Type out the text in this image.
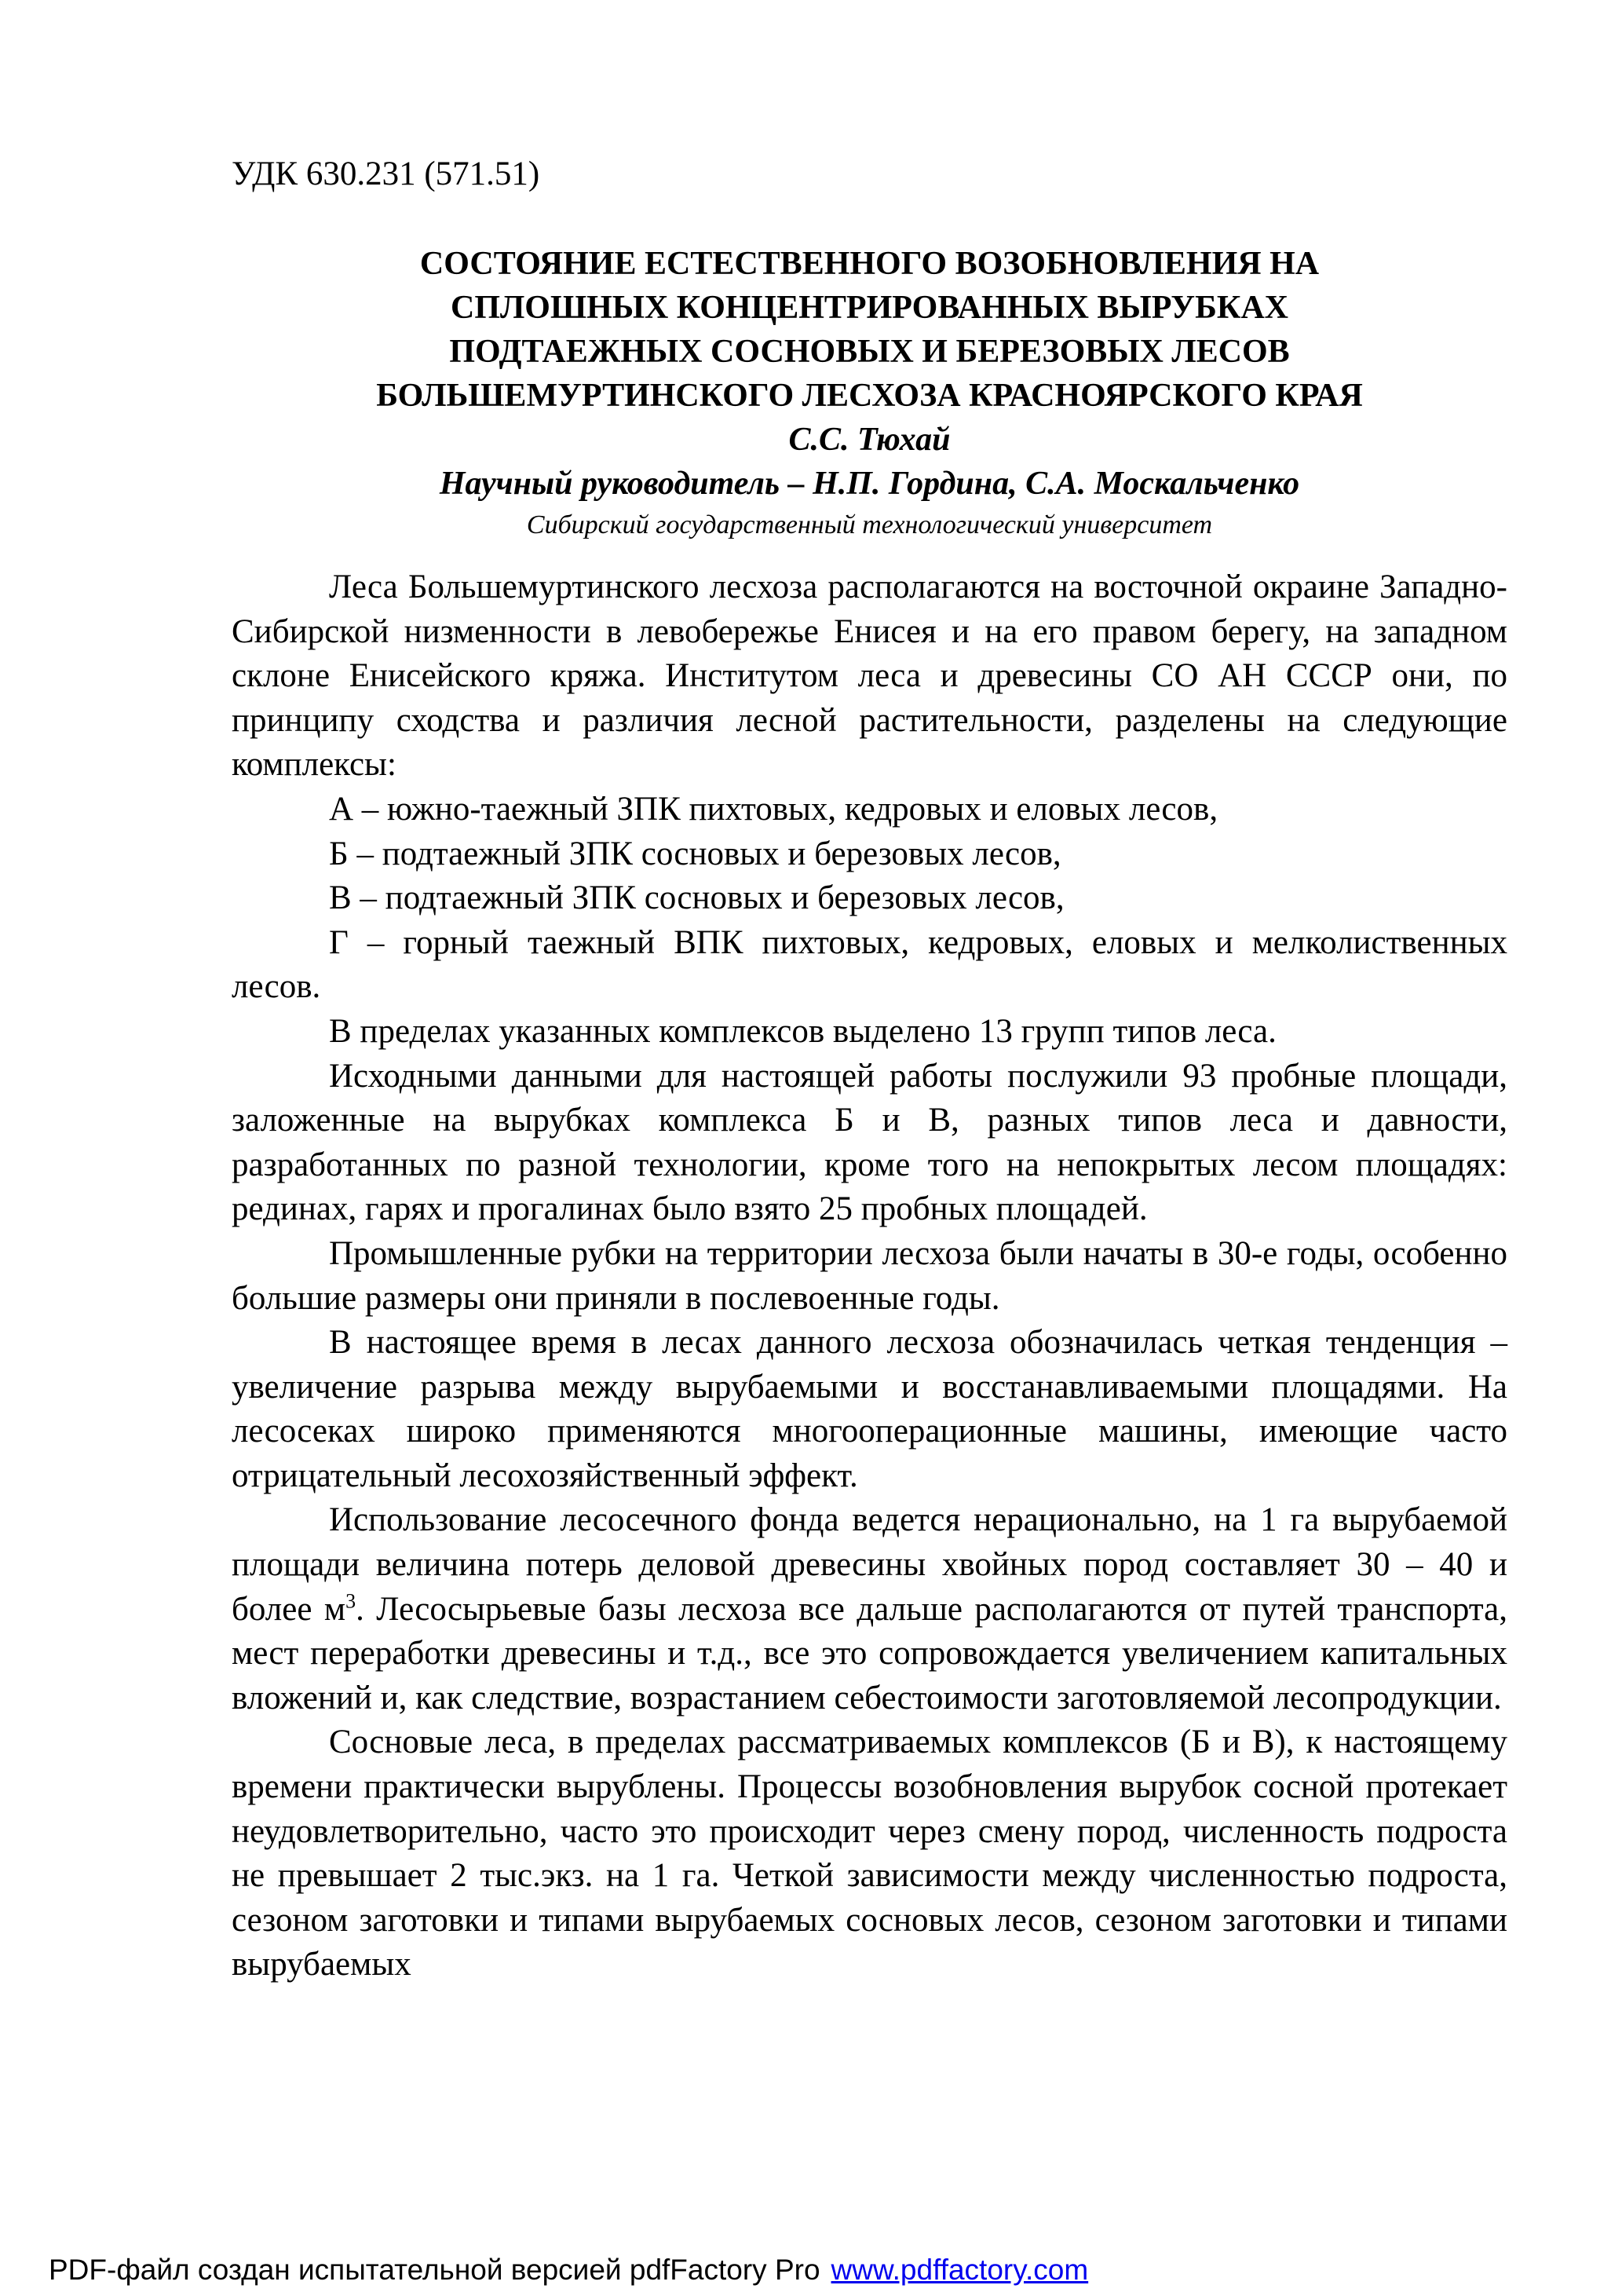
УДК 630.231 (571.51)
СОСТОЯНИЕ ЕСТЕСТВЕННОГО ВОЗОБНОВЛЕНИЯ НА
СПЛОШНЫХ КОНЦЕНТРИРОВАННЫХ ВЫРУБКАХ
ПОДТАЕЖНЫХ СОСНОВЫХ И БЕРЕЗОВЫХ ЛЕСОВ
БОЛЬШЕМУРТИНСКОГО ЛЕСХОЗА КРАСНОЯРСКОГО КРАЯ
С.С. Тюхай
Научный руководитель – Н.П. Гордина, С.А. Москальченко
Сибирский государственный технологический университет

Леса Большемуртинского лесхоза располагаются на восточной окраине Западно-Сибирской низменности в левобережье Енисея и на его правом берегу, на западном склоне Енисейского кряжа. Институтом леса и древесины СО АН СССР они, по принципу сходства и различия лесной растительности, разделены на следующие комплексы:

А – южно-таежный ЗПК пихтовых, кедровых и еловых лесов,

Б – подтаежный ЗПК сосновых и березовых лесов,

В – подтаежный ЗПК сосновых и березовых лесов,

Г – горный таежный ВПК пихтовых, кедровых, еловых и мелколиственных лесов.

В пределах указанных комплексов выделено 13 групп типов леса.

Исходными данными для настоящей работы послужили 93 пробные площади, заложенные на вырубках комплекса Б и В, разных типов леса и давности, разработанных по разной технологии, кроме того на непокрытых лесом площадях: рединах, гарях и прогалинах было взято 25 пробных площадей.

Промышленные рубки на территории лесхоза были начаты в 30-е годы, особенно большие размеры они приняли в послевоенные годы.

В настоящее время в лесах данного лесхоза обозначилась четкая тенденция – увеличение разрыва между вырубаемыми и восстанавливаемыми площадями. На лесосеках широко применяются многооперационные машины, имеющие часто отрицательный лесохозяйственный эффект.

Использование лесосечного фонда ведется нерационально, на 1 га вырубаемой площади величина потерь деловой древесины хвойных пород составляет 30 – 40 и более $м^3$. Лесосырьевые базы лесхоза все дальше располагаются от путей транспорта, мест переработки древесины и т.д., все это сопровождается увеличением капитальных вложений и, как следствие, возрастанием себестоимости заготовляемой лесопродукции.

Сосновые леса, в пределах рассматриваемых комплексов (Б и В), к настоящему времени практически вырублены. Процессы возобновления вырубок сосной протекает неудовлетворительно, часто это происходит через смену пород, численность подроста не превышает 2 тыс.экз. на 1 га. Четкой зависимости между численностью подроста, сезоном заготовки и типами вырубаемых сосновых лесов, сезоном заготовки и типами вырубаемых

PDF-файл создан испытательной версией pdfFactory Pro www.pdffactory.com
